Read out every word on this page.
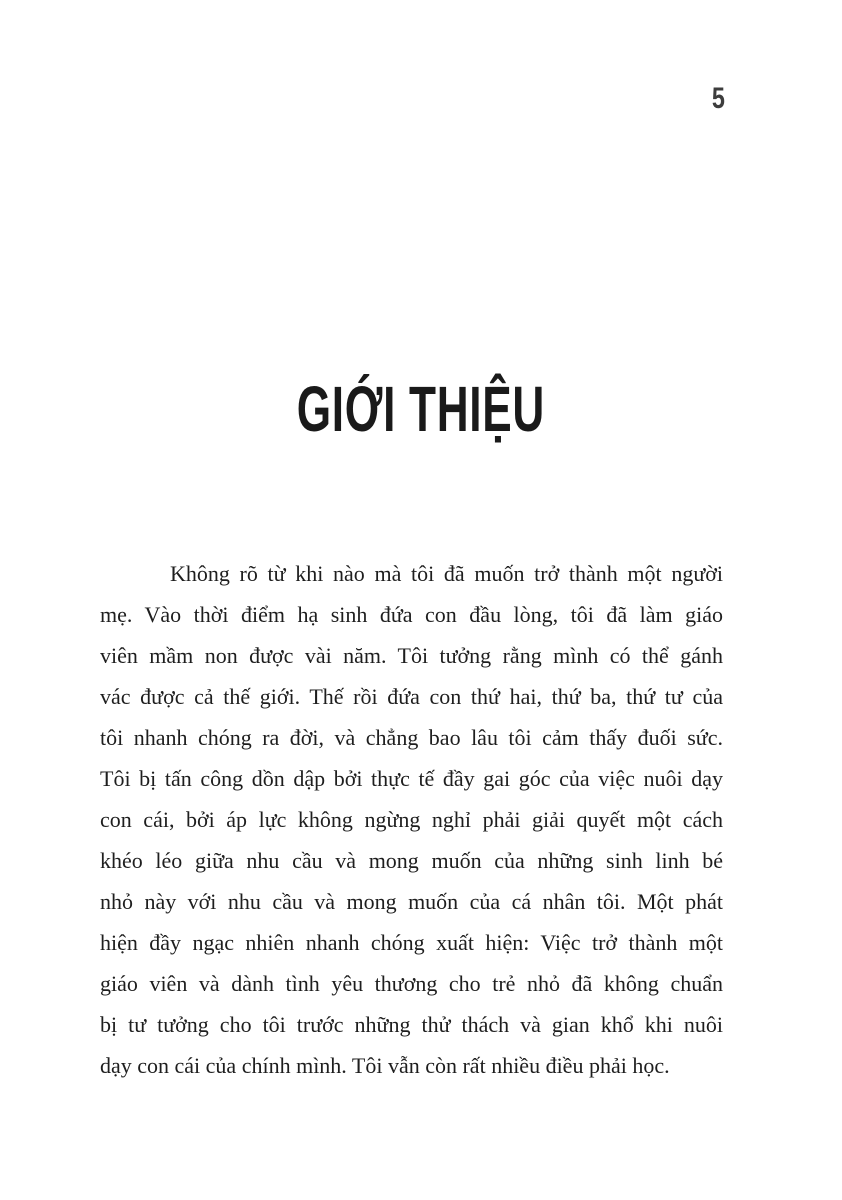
5
GIỚI THIỆU
Không rõ từ khi nào mà tôi đã muốn trở thành một người
mẹ. Vào thời điểm hạ sinh đứa con đầu lòng, tôi đã làm giáo
viên mầm non được vài năm. Tôi tưởng rằng mình có thể gánh
vác được cả thế giới. Thế rồi đứa con thứ hai, thứ ba, thứ tư của
tôi nhanh chóng ra đời, và chẳng bao lâu tôi cảm thấy đuối sức.
Tôi bị tấn công dồn dập bởi thực tế đầy gai góc của việc nuôi dạy
con cái, bởi áp lực không ngừng nghỉ phải giải quyết một cách
khéo léo giữa nhu cầu và mong muốn của những sinh linh bé
nhỏ này với nhu cầu và mong muốn của cá nhân tôi. Một phát
hiện đầy ngạc nhiên nhanh chóng xuất hiện: Việc trở thành một
giáo viên và dành tình yêu thương cho trẻ nhỏ đã không chuẩn
bị tư tưởng cho tôi trước những thử thách và gian khổ khi nuôi
dạy con cái của chính mình. Tôi vẫn còn rất nhiều điều phải học.
